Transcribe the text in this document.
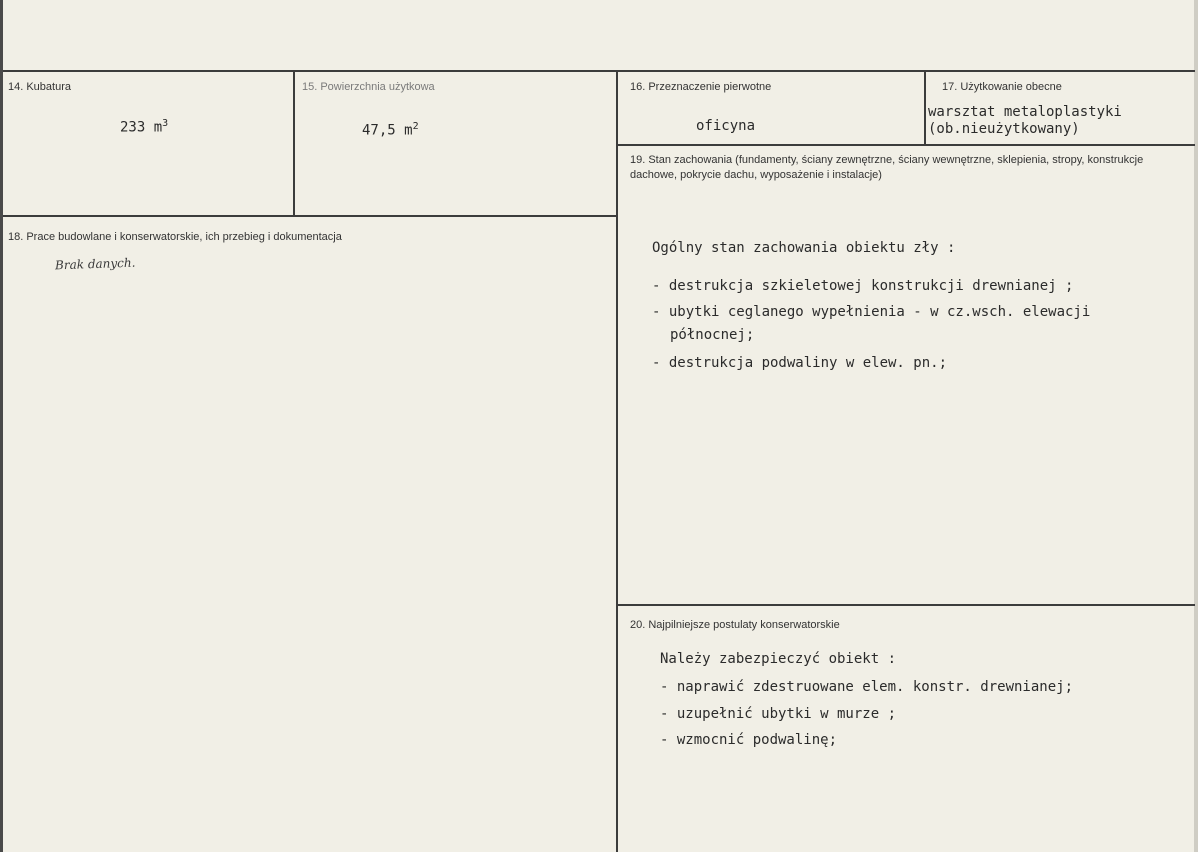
14. Kubatura
233 $m^3$
15. Powierzchnia użytkowa
47,5 $m^2$
16. Przeznaczenie pierwotne
oficyna
17. Użytkowanie obecne
warsztat metaloplastyki
(ob.nieużytkowany)
18. Prace budowlane i konserwatorskie, ich przebieg i dokumentacja
Brak danych.
19. Stan zachowania (fundamenty, ściany zewnętrzne, ściany wewnętrzne, sklepienia, stropy, konstrukcje dachowe, pokrycie dachu, wyposażenie i instalacje)
Ogólny stan zachowania obiektu zły :
- destrukcja szkieletowej konstrukcji drewnianej ;
- ubytki ceglanego wypełnienia - w cz.wsch. elewacji
północnej;
- destrukcja podwaliny w elew. pn.;
20. Najpilniejsze postulaty konserwatorskie
Należy zabezpieczyć obiekt :
- naprawić zdestruowane elem. konstr. drewnianej;
- uzupełnić ubytki w murze ;
- wzmocnić podwalinę;
